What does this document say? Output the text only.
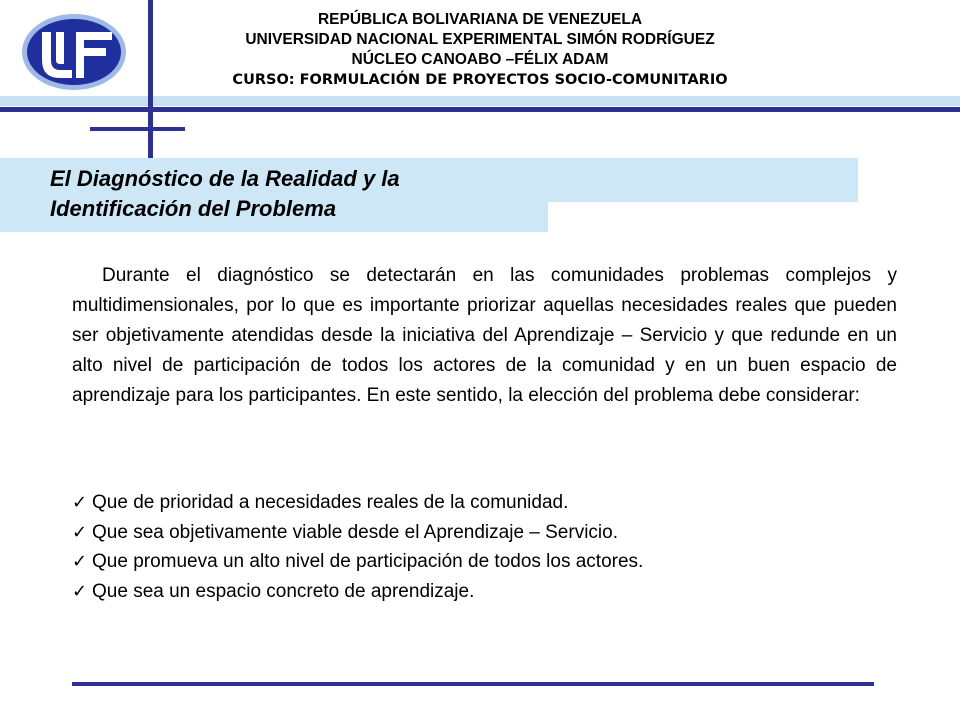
REPÚBLICA BOLIVARIANA DE VENEZUELA
UNIVERSIDAD NACIONAL EXPERIMENTAL SIMÓN RODRÍGUEZ
NÚCLEO CANOABO –FÉLIX ADAM
CURSO: FORMULACIÓN DE PROYECTOS SOCIO-COMUNITARIO
El Diagnóstico de la Realidad y la
Identificación del Problema

Durante el diagnóstico se detectarán en las comunidades problemas complejos y multidimensionales, por lo que es importante priorizar aquellas necesidades reales que pueden ser objetivamente atendidas desde la iniciativa del Aprendizaje – Servicio y que redunde en un alto nivel de participación de todos los actores de la comunidad y en un buen espacio de aprendizaje para los participantes. En este sentido, la elección del problema debe considerar:

✓ Que de prioridad a necesidades reales de la comunidad.
✓ Que sea objetivamente viable desde el Aprendizaje – Servicio.
✓ Que promueva un alto nivel de participación de todos los actores.
✓ Que sea un espacio concreto de aprendizaje.
